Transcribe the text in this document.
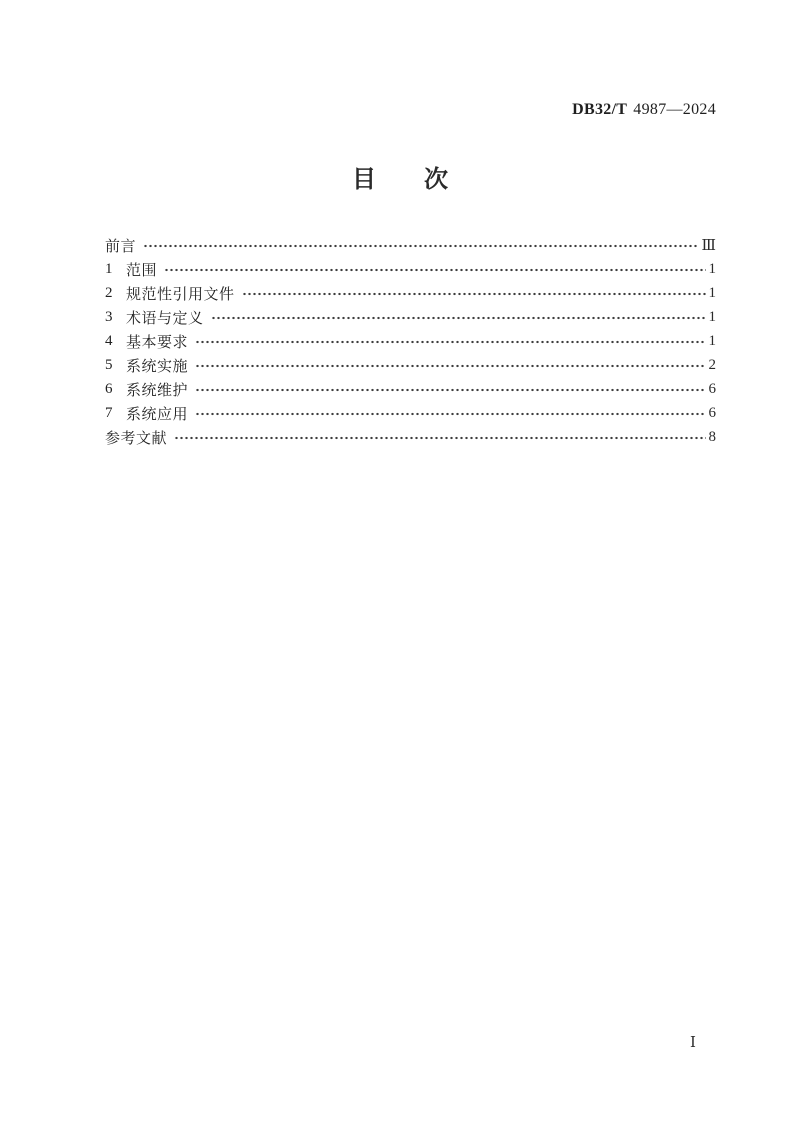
DB32/T 4987—2024
目　　次
前言	Ⅲ
1 范围	1
2 规范性引用文件	1
3 术语与定义	1
4 基本要求	1
5 系统实施	2
6 系统维护	6
7 系统应用	6
参考文献	8
Ⅰ
